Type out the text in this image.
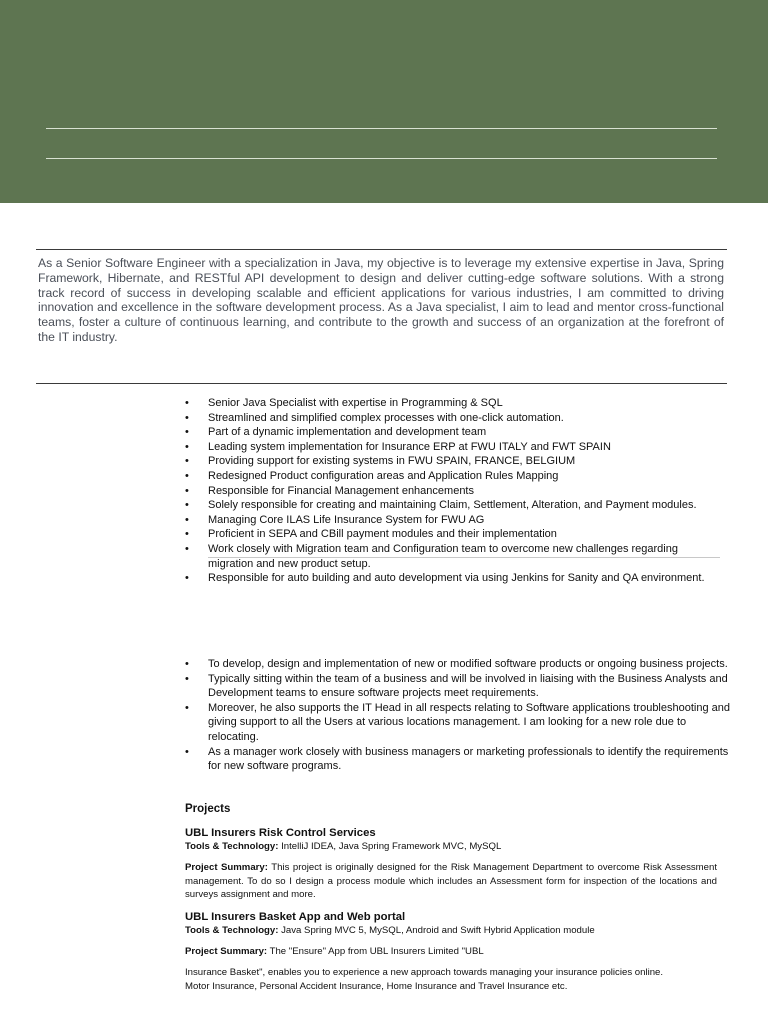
As a Senior Software Engineer with a specialization in Java, my objective is to leverage my extensive expertise in Java, Spring Framework, Hibernate, and RESTful API development to design and deliver cutting-edge software solutions. With a strong track record of success in developing scalable and efficient applications for various industries, I am committed to driving innovation and excellence in the software development process. As a Java specialist, I aim to lead and mentor cross-functional teams, foster a culture of continuous learning, and contribute to the growth and success of an organization at the forefront of the IT industry.

• Senior Java Specialist with expertise in Programming & SQL
• Streamlined and simplified complex processes with one-click automation.
• Part of a dynamic implementation and development team
• Leading system implementation for Insurance ERP at FWU ITALY and FWT SPAIN
• Providing support for existing systems in FWU SPAIN, FRANCE, BELGIUM
• Redesigned Product configuration areas and Application Rules Mapping
• Responsible for Financial Management enhancements
• Solely responsible for creating and maintaining Claim, Settlement, Alteration, and Payment modules.
• Managing Core ILAS Life Insurance System for FWU AG
• Proficient in SEPA and CBill payment modules and their implementation
• Work closely with Migration team and Configuration team to overcome new challenges regarding migration and new product setup.
• Responsible for auto building and auto development via using Jenkins for Sanity and QA environment.
• To develop, design and implementation of new or modified software products or ongoing business projects.
• Typically sitting within the team of a business and will be involved in liaising with the Business Analysts and Development teams to ensure software projects meet requirements.
• Moreover, he also supports the IT Head in all respects relating to Software applications troubleshooting and giving support to all the Users at various locations management. I am looking for a new role due to relocating.
• As a manager work closely with business managers or marketing professionals to identify the requirements for new software programs.
Projects
UBL Insurers Risk Control Services
Tools & Technology: IntelliJ IDEA, Java Spring Framework MVC, MySQL
Project Summary: This project is originally designed for the Risk Management Department to overcome Risk Assessment management. To do so I design a process module which includes an Assessment form for inspection of the locations and surveys assignment and more.
UBL Insurers Basket App and Web portal
Tools & Technology: Java Spring MVC 5, MySQL, Android and Swift Hybrid Application module
Project Summary: The "Ensure" App from UBL Insurers Limited "UBL
Insurance Basket", enables you to experience a new approach towards managing your insurance policies online.
Motor Insurance, Personal Accident Insurance, Home Insurance and Travel Insurance etc.
